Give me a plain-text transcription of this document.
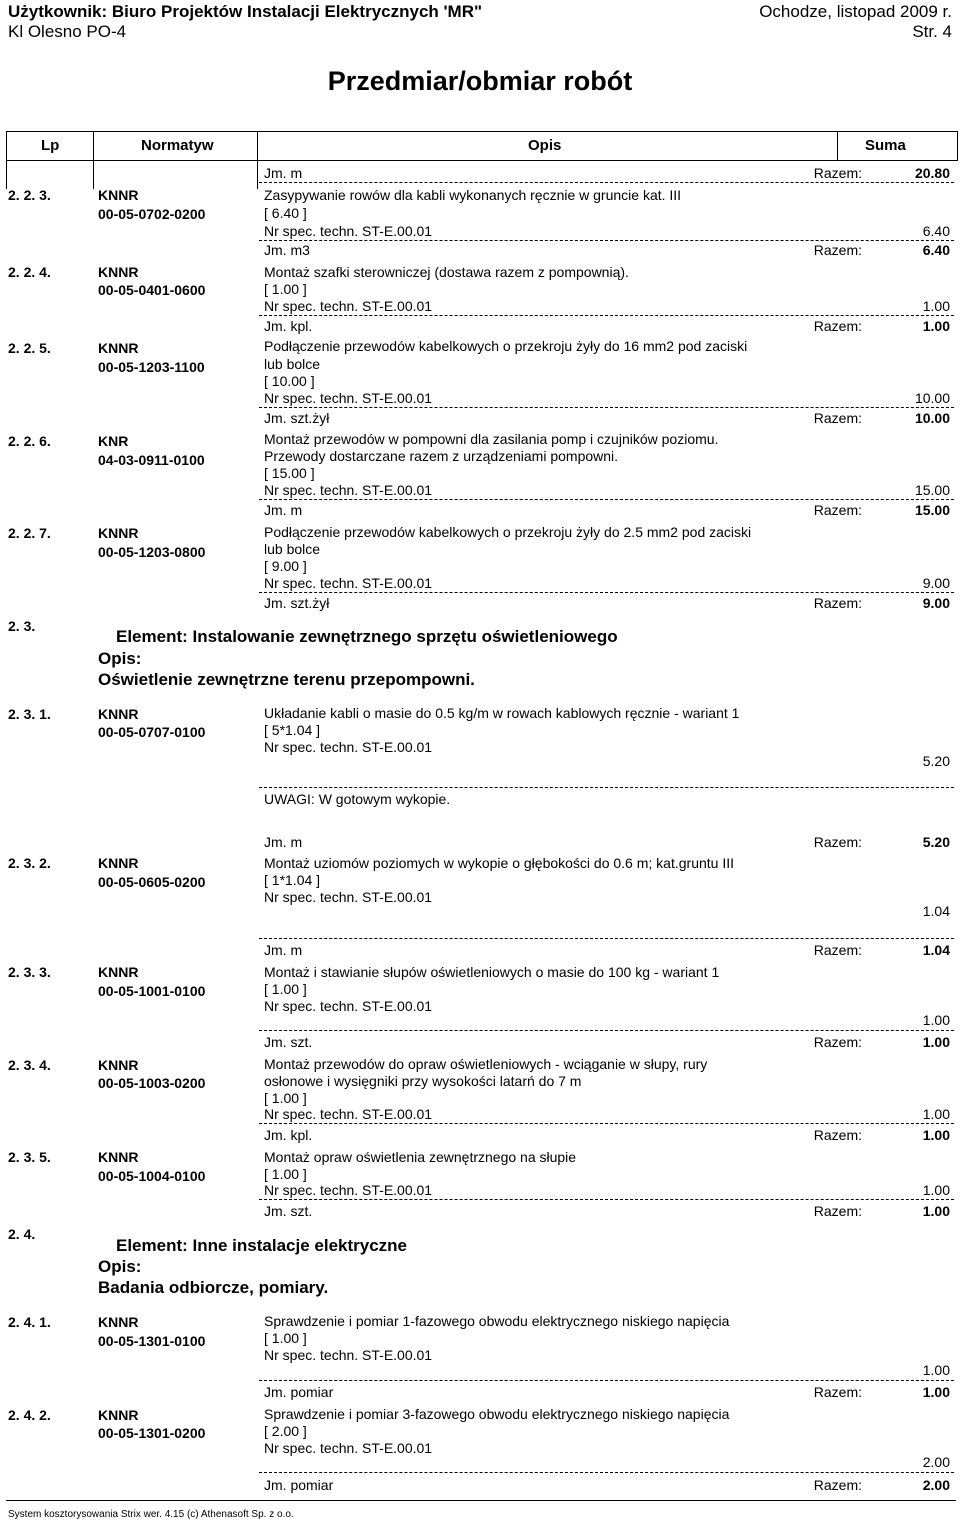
Użytkownik: Biuro Projektów Instalacji Elektrycznych 'MR"	Ochodze, listopad 2009 r.
Kl Olesno PO-4	Str. 4
Przedmiar/obmiar robót
Lp	Normatyw	Opis	Suma
Jm. m	Razem:	20.80
2. 2. 3.	KNNR
00-05-0702-0200
Zasypywanie rowów dla kabli wykonanych ręcznie w gruncie kat. III
[ 6.40 ]
Nr spec. techn. ST-E.00.01	6.40
Jm. m3	Razem:	6.40
2. 2. 4.	KNNR
00-05-0401-0600
Montaż szafki sterowniczej (dostawa razem z pompownią).
[ 1.00 ]
Nr spec. techn. ST-E.00.01	1.00
Jm. kpl.	Razem:	1.00
2. 2. 5.	KNNR
00-05-1203-1100
Podłączenie przewodów kabelkowych o przekroju żyły do 16 mm2 pod zaciski
lub bolce
[ 10.00 ]
Nr spec. techn. ST-E.00.01	10.00
Jm. szt.żył	Razem:	10.00
2. 2. 6.	KNR
04-03-0911-0100
Montaż przewodów w pompowni dla zasilania pomp i czujników poziomu.
Przewody dostarczane razem z urządzeniami pompowni.
[ 15.00 ]
Nr spec. techn. ST-E.00.01	15.00
Jm. m	Razem:	15.00
2. 2. 7.	KNNR
00-05-1203-0800
Podłączenie przewodów kabelkowych o przekroju żyły do 2.5 mm2 pod zaciski
lub bolce
[ 9.00 ]
Nr spec. techn. ST-E.00.01	9.00
Jm. szt.żył	Razem:	9.00
2. 3.
Element: Instalowanie zewnętrznego sprzętu oświetleniowego
Opis:
Oświetlenie zewnętrzne terenu przepompowni.
2. 3. 1.	KNNR
00-05-0707-0100
Układanie kabli o masie do 0.5 kg/m w rowach kablowych ręcznie - wariant 1
[ 5*1.04 ]
Nr spec. techn. ST-E.00.01
5.20
UWAGI: W gotowym wykopie.
Jm. m	Razem:	5.20
2. 3. 2.	KNNR
00-05-0605-0200
Montaż uziomów poziomych w wykopie o głębokości do 0.6 m; kat.gruntu III
[ 1*1.04 ]
Nr spec. techn. ST-E.00.01
1.04
Jm. m	Razem:	1.04
2. 3. 3.	KNNR
00-05-1001-0100
Montaż i stawianie słupów oświetleniowych o masie do 100 kg - wariant 1
[ 1.00 ]
Nr spec. techn. ST-E.00.01
1.00
Jm. szt.	Razem:	1.00
2. 3. 4.	KNNR
00-05-1003-0200
Montaż przewodów do opraw oświetleniowych - wciąganie w słupy, rury
osłonowe i wysięgniki przy wysokości latarń do 7 m
[ 1.00 ]
Nr spec. techn. ST-E.00.01	1.00
Jm. kpl.	Razem:	1.00
2. 3. 5.	KNNR
00-05-1004-0100
Montaż opraw oświetlenia zewnętrznego na słupie
[ 1.00 ]
Nr spec. techn. ST-E.00.01	1.00
Jm. szt.	Razem:	1.00
2. 4.
Element: Inne instalacje elektryczne
Opis:
Badania odbiorcze, pomiary.
2. 4. 1.	KNNR
00-05-1301-0100
Sprawdzenie i pomiar 1-fazowego obwodu elektrycznego niskiego napięcia
[ 1.00 ]
Nr spec. techn. ST-E.00.01
1.00
Jm. pomiar	Razem:	1.00
2. 4. 2.	KNNR
00-05-1301-0200
Sprawdzenie i pomiar 3-fazowego obwodu elektrycznego niskiego napięcia
[ 2.00 ]
Nr spec. techn. ST-E.00.01
2.00
Jm. pomiar	Razem:	2.00
System kosztorysowania Strix wer. 4.15 (c) Athenasoft Sp. z o.o.
